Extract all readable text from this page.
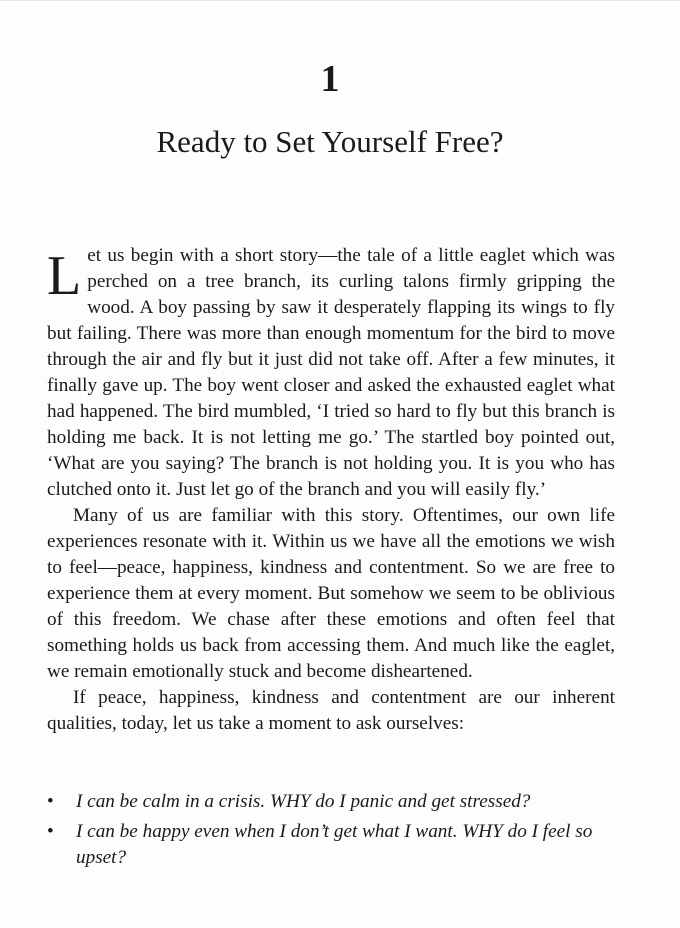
1
Ready to Set Yourself Free?

Let us begin with a short story—the tale of a little eaglet which was perched on a tree branch, its curling talons firmly gripping the wood. A boy passing by saw it desperately flapping its wings to fly but failing. There was more than enough momentum for the bird to move through the air and fly but it just did not take off. After a few minutes, it finally gave up. The boy went closer and asked the exhausted eaglet what had happened. The bird mumbled, ‘I tried so hard to fly but this branch is holding me back. It is not letting me go.’ The startled boy pointed out, ‘What are you saying? The branch is not holding you. It is you who has clutched onto it. Just let go of the branch and you will easily fly.’

Many of us are familiar with this story. Oftentimes, our own life experiences resonate with it. Within us we have all the emotions we wish to feel—peace, happiness, kindness and contentment. So we are free to experience them at every moment. But somehow we seem to be oblivious of this freedom. We chase after these emotions and often feel that something holds us back from accessing them. And much like the eaglet, we remain emotionally stuck and become disheartened.

If peace, happiness, kindness and contentment are our inherent qualities, today, let us take a moment to ask ourselves:

• I can be calm in a crisis. WHY do I panic and get stressed?
• I can be happy even when I don’t get what I want. WHY do I feel so upset?
